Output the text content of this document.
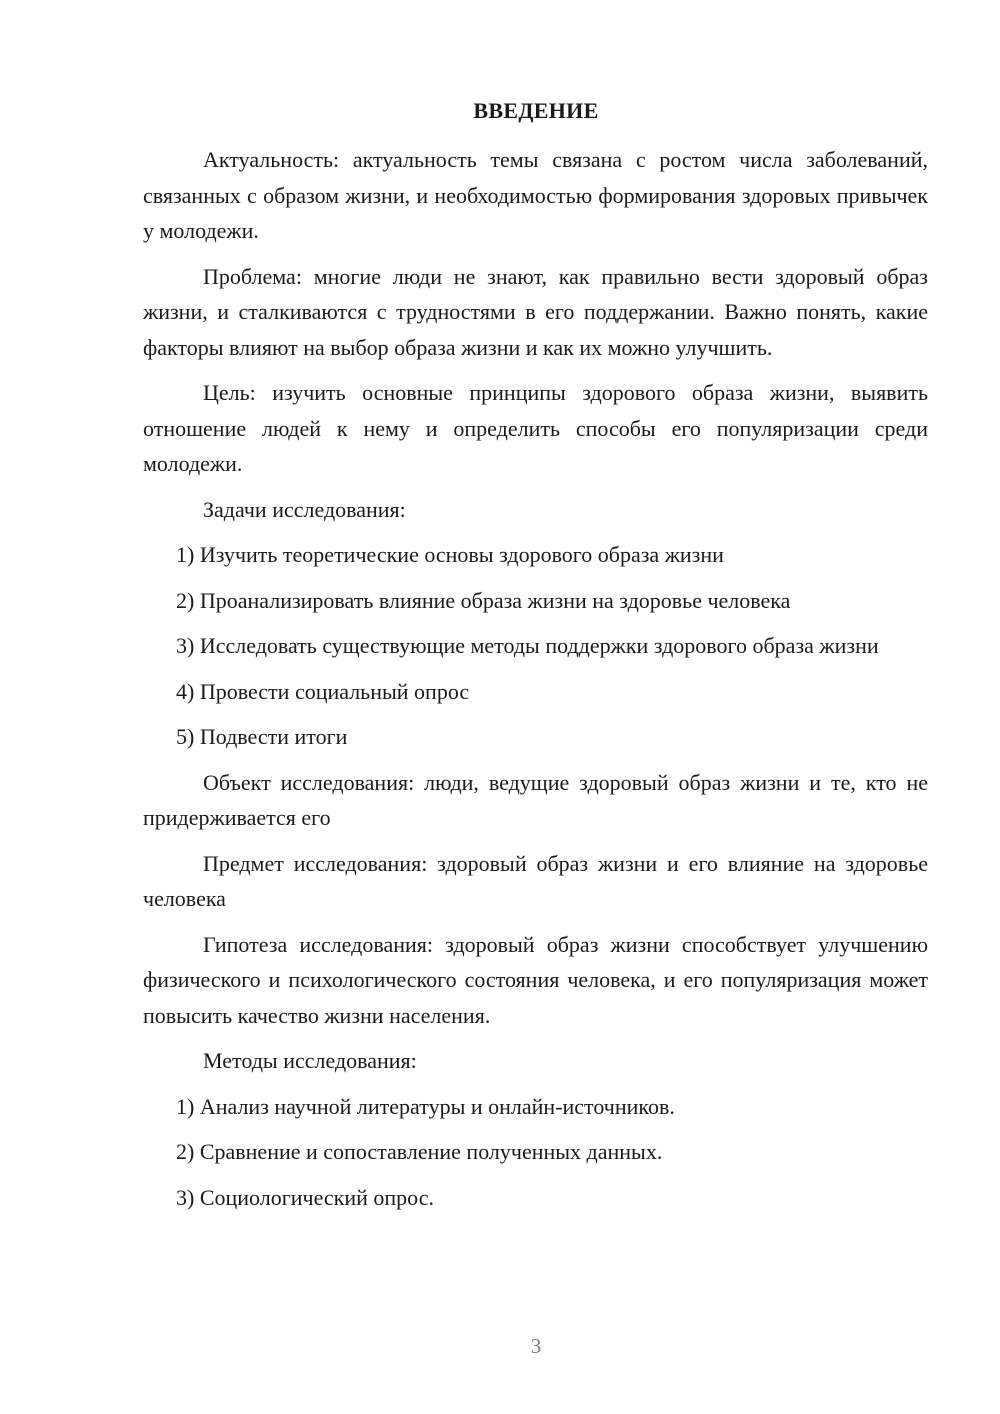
ВВЕДЕНИЕ

Актуальность: актуальность темы связана с ростом числа заболеваний, связанных с образом жизни, и необходимостью формирования здоровых привычек у молодежи.

Проблема: многие люди не знают, как правильно вести здоровый образ жизни, и сталкиваются с трудностями в его поддержании. Важно понять, какие факторы влияют на выбор образа жизни и как их можно улучшить.

Цель: изучить основные принципы здорового образа жизни, выявить отношение людей к нему и определить способы его популяризации среди молодежи.

Задачи исследования:

1) Изучить теоретические основы здорового образа жизни

2) Проанализировать влияние образа жизни на здоровье человека

3) Исследовать существующие методы поддержки здорового образа жизни

4) Провести социальный опрос

5) Подвести итоги

Объект исследования: люди, ведущие здоровый образ жизни и те, кто не придерживается его

Предмет исследования: здоровый образ жизни и его влияние на здоровье человека

Гипотеза исследования: здоровый образ жизни способствует улучшению физического и психологического состояния человека, и его популяризация может повысить качество жизни населения.

Методы исследования:

1) Анализ научной литературы и онлайн-источников.

2) Сравнение и сопоставление полученных данных.

3) Социологический опрос.

3
